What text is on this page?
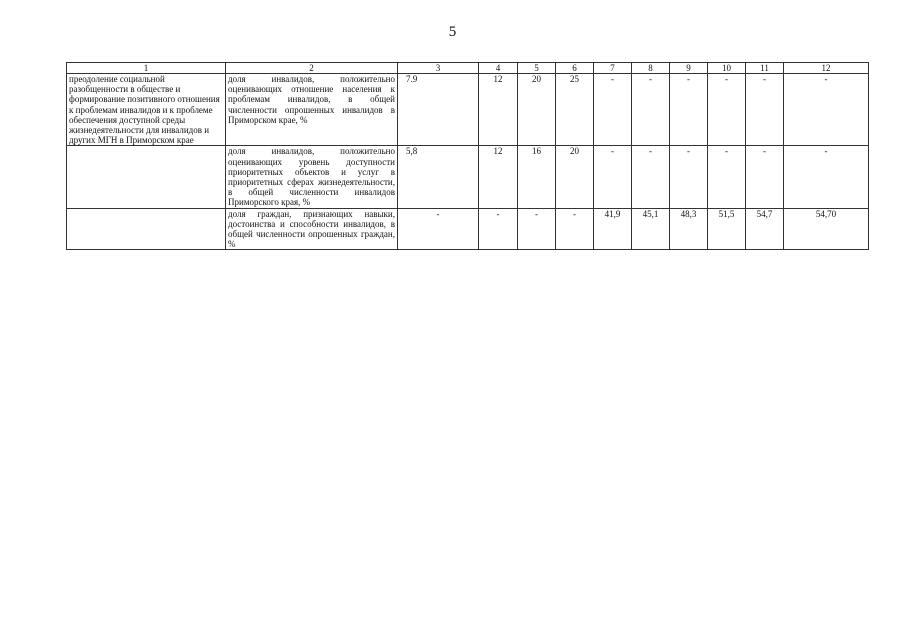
5
1	2	3	4	5	6	7	8	9	10	11	12
преодоление социальной разобщенности в обществе и формирование позитивного отношения к проблемам инвалидов и к проблеме обеспечения доступной среды жизнедеятельности для инвалидов и других МГН в Приморском крае	доля инвалидов, положительно оценивающих отношение населения к проблемам инвалидов, в общей численности опрошенных инвалидов в Приморском крае, %	7.9	12	20	25	-	-	-	-	-	-
	доля инвалидов, положительно оценивающих уровень доступности приоритетных объектов и услуг в приоритетных сферах жизнедеятельности, в общей численности инвалидов Приморского края, %	5,8	12	16	20	-	-	-	-	-	-
	доля граждан, признающих навыки, достоинства и способности инвалидов, в общей численности опрошенных граждан, %	-	-	-	-	41,9	45,1	48,3	51,5	54,7	54,70
